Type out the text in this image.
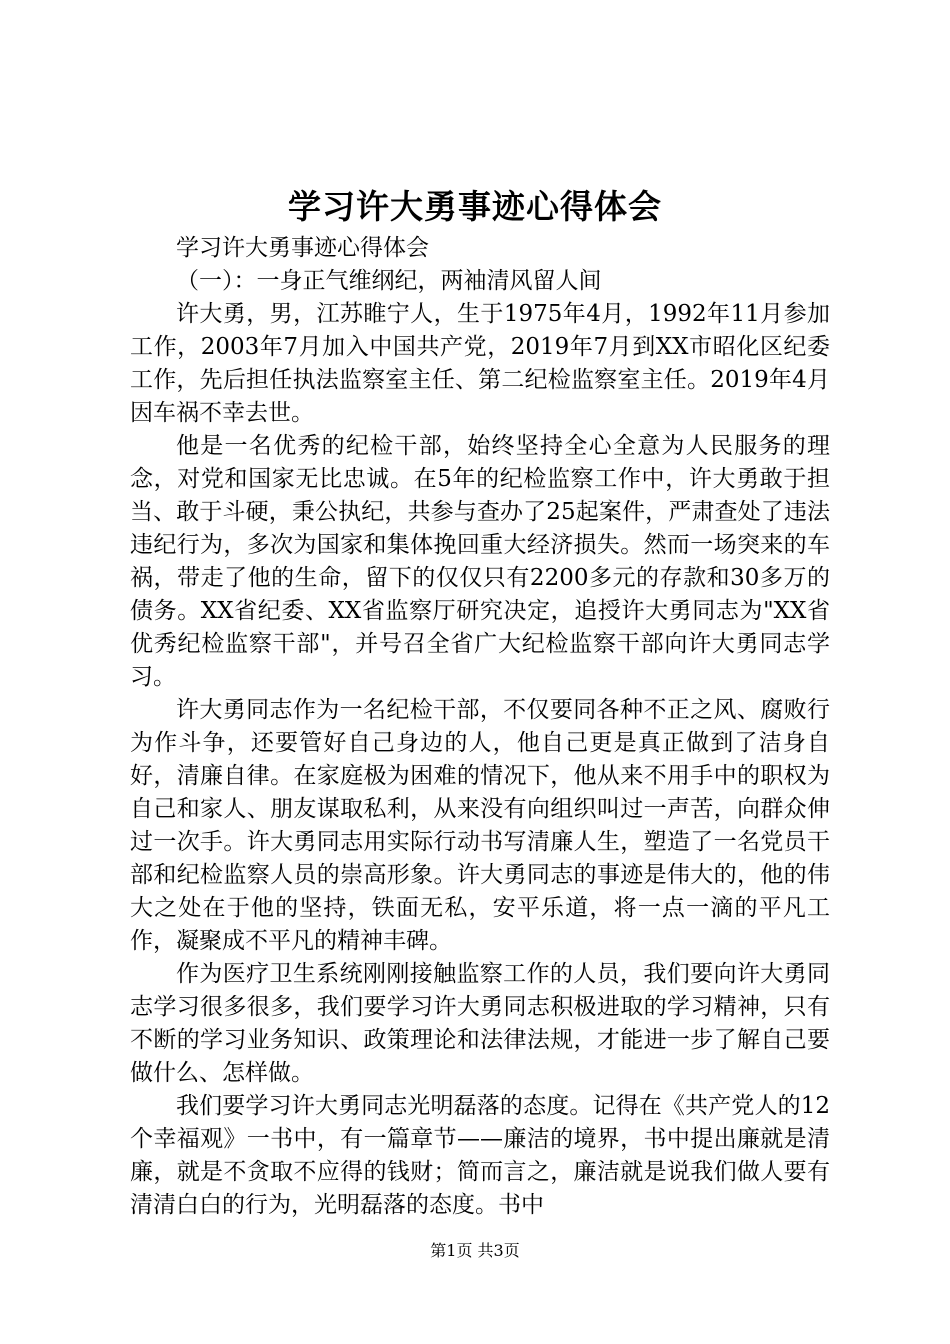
学习许大勇事迹心得体会

学习许大勇事迹心得体会

（一）：一身正气维纲纪，两袖清风留人间

许大勇，男，江苏睢宁人，生于1975年4月，1992年11月参加工作，2003年7月加入中国共产党，2019年7月到XX市昭化区纪委工作，先后担任执法监察室主任、第二纪检监察室主任。2019年4月因车祸不幸去世。

他是一名优秀的纪检干部，始终坚持全心全意为人民服务的理念，对党和国家无比忠诚。在5年的纪检监察工作中，许大勇敢于担当、敢于斗硬，秉公执纪，共参与查办了25起案件，严肃查处了违法违纪行为，多次为国家和集体挽回重大经济损失。然而一场突来的车祸，带走了他的生命，留下的仅仅只有2200多元的存款和30多万的债务。XX省纪委、XX省监察厅研究决定，追授许大勇同志为"XX省优秀纪检监察干部"，并号召全省广大纪检监察干部向许大勇同志学习。

许大勇同志作为一名纪检干部，不仅要同各种不正之风、腐败行为作斗争，还要管好自己身边的人，他自己更是真正做到了洁身自好，清廉自律。在家庭极为困难的情况下，他从来不用手中的职权为自己和家人、朋友谋取私利，从来没有向组织叫过一声苦，向群众伸过一次手。许大勇同志用实际行动书写清廉人生，塑造了一名党员干部和纪检监察人员的崇高形象。许大勇同志的事迹是伟大的，他的伟大之处在于他的坚持，铁面无私，安平乐道，将一点一滴的平凡工作，凝聚成不平凡的精神丰碑。

作为医疗卫生系统刚刚接触监察工作的人员，我们要向许大勇同志学习很多很多，我们要学习许大勇同志积极进取的学习精神，只有不断的学习业务知识、政策理论和法律法规，才能进一步了解自己要做什么、怎样做。

我们要学习许大勇同志光明磊落的态度。记得在《共产党人的12个幸福观》一书中，有一篇章节——廉洁的境界，书中提出廉就是清廉，就是不贪取不应得的钱财；简而言之，廉洁就是说我们做人要有清清白白的行为，光明磊落的态度。书中

第1页 共3页
